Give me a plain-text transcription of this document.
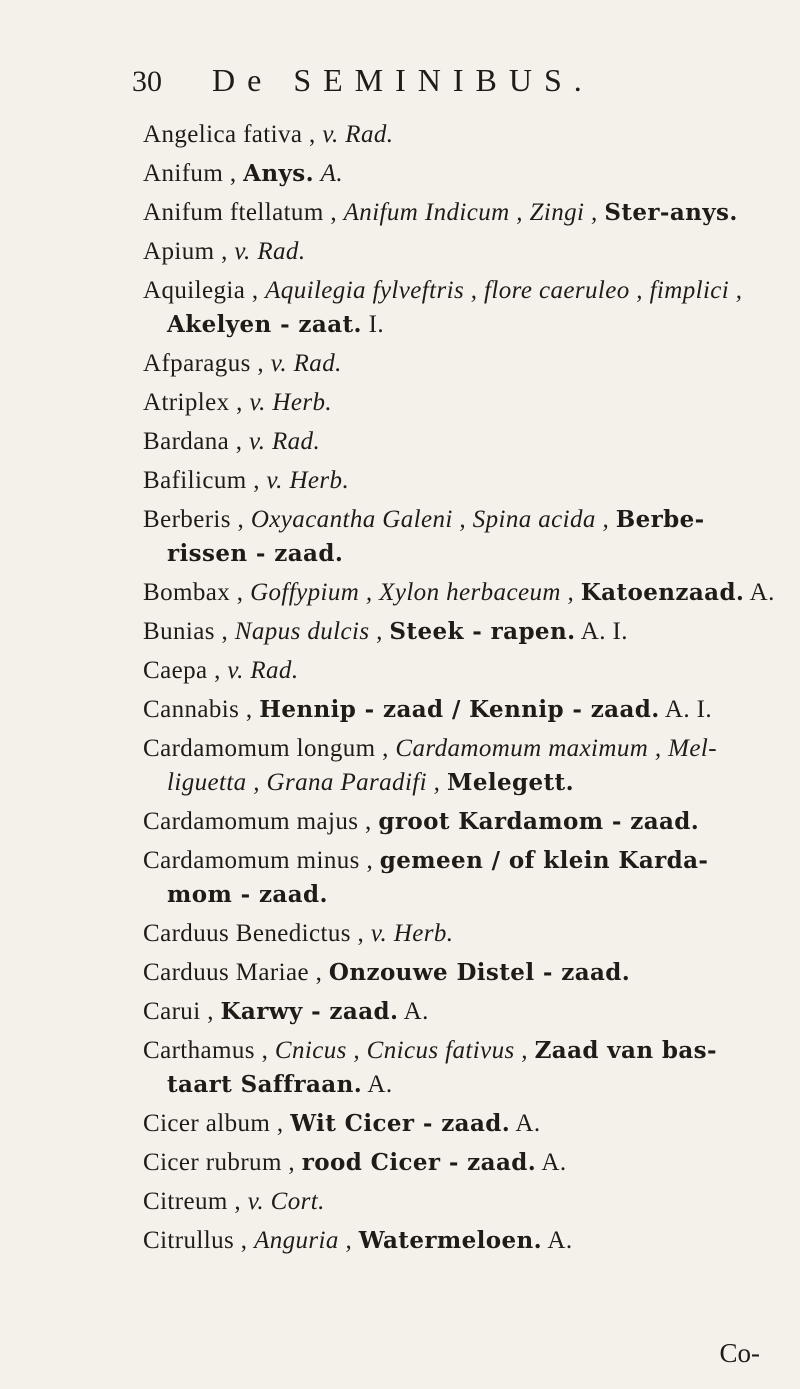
30	De SEMINIBUS.
Angelica fativa , v. Rad.
Anifum , Anys. A.
Anifum ftellatum , Anifum Indicum , Zingi , Ster-anys.
Apium , v. Rad.
Aquilegia , Aquilegia fylveftris , flore caeruleo , fimplici ,
Akelyen - zaat. I.
Afparagus , v. Rad.
Atriplex , v. Herb.
Bardana , v. Rad.
Bafilicum , v. Herb.
Berberis , Oxyacantha Galeni , Spina acida , Berbe-
rissen - zaad.
Bombax , Goffypium , Xylon herbaceum , Katoenzaad. A.
Bunias , Napus dulcis , Steek - rapen. A. I.
Caepa , v. Rad.
Cannabis , Hennip - zaad / Kennip - zaad. A. I.
Cardamomum longum , Cardamomum maximum , Mel-
liguetta , Grana Paradifi , Melegett.
Cardamomum majus , groot Kardamom - zaad.
Cardamomum minus , gemeen / of klein Karda-
mom - zaad.
Carduus Benedictus , v. Herb.
Carduus Mariae , Onzouwe Distel - zaad.
Carui , Karwy - zaad. A.
Carthamus , Cnicus , Cnicus fativus , Zaad van bas-
taart Saffraan. A.
Cicer album , Wit Cicer - zaad. A.
Cicer rubrum , rood Cicer - zaad. A.
Citreum , v. Cort.
Citrullus , Anguria , Watermeloen. A.
Co-
